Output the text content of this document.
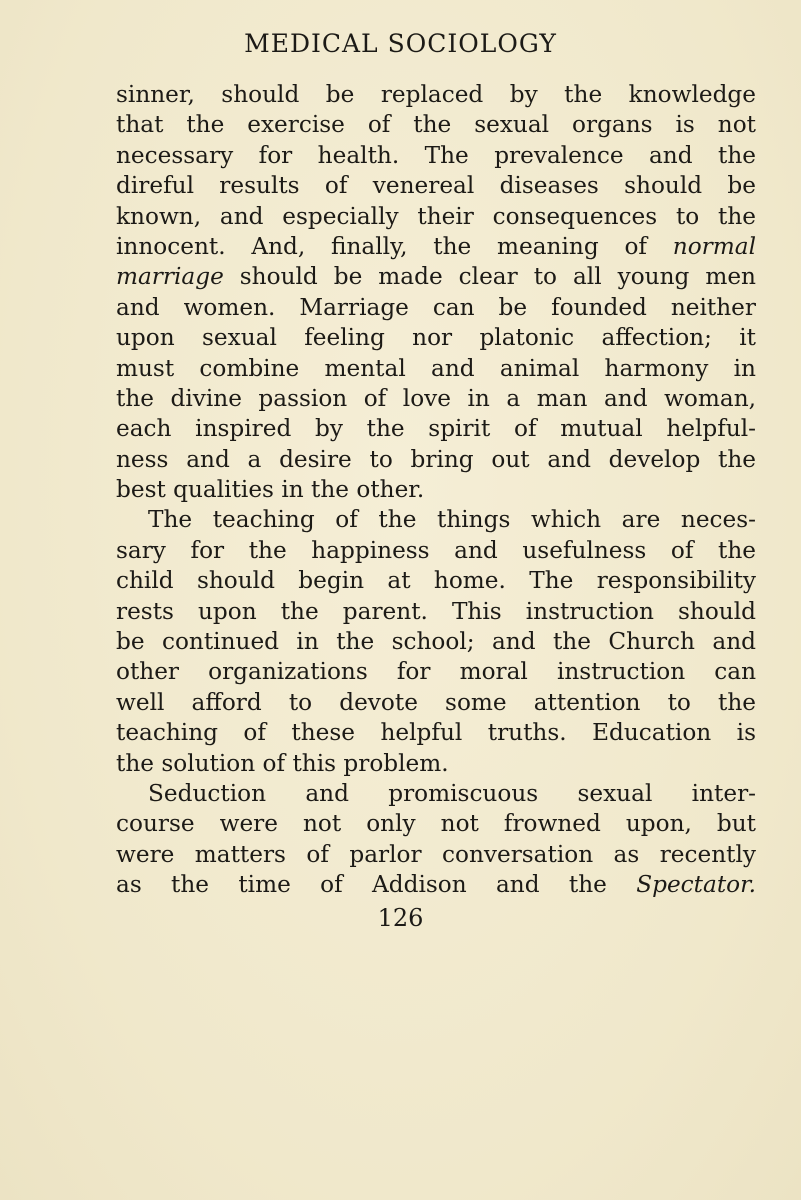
MEDICAL SOCIOLOGY
sinner, should be replaced by the knowledge
that the exercise of the sexual organs is not
necessary for health. The prevalence and the
direful results of venereal diseases should be
known, and especially their consequences to the
innocent. And, finally, the meaning of normal
marriage should be made clear to all young men
and women. Marriage can be founded neither
upon sexual feeling nor platonic affection; it
must combine mental and animal harmony in
the divine passion of love in a man and woman,
each inspired by the spirit of mutual helpful-
ness and a desire to bring out and develop the
best qualities in the other.
The teaching of the things which are neces-
sary for the happiness and usefulness of the
child should begin at home. The responsibility
rests upon the parent. This instruction should
be continued in the school; and the Church and
other organizations for moral instruction can
well afford to devote some attention to the
teaching of these helpful truths. Education is
the solution of this problem.
Seduction and promiscuous sexual inter-
course were not only not frowned upon, but
were matters of parlor conversation as recently
as the time of Addison and the Spectator.
126
